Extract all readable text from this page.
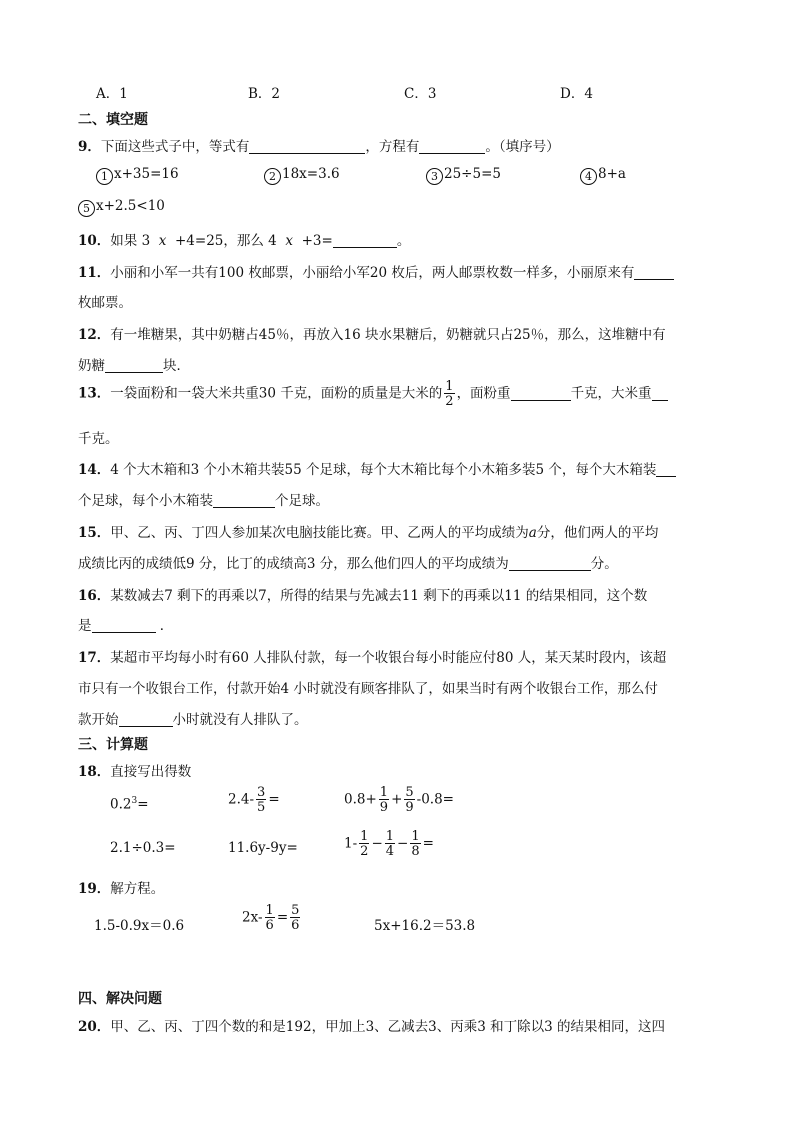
A．1	B．2	C．3	D．4
二、填空题
9．下面这些式子中，等式有	，方程有	。（填序号）
1 x+35=16	2 18x=3.6	3 25÷5=5	4 8+a
5 x+2.5<10
10．如果 3 x +4=25，那么 4 x +3=	。
11．小丽和小军一共有100 枚邮票，小丽给小军20 枚后，两人邮票枚数一样多，小丽原来有
枚邮票。
12．有一堆糖果，其中奶糖占45％，再放入16 块水果糖后，奶糖就只占25％，那么，这堆糖中有
奶糖	块．
13．一袋面粉和一袋大米共重30 千克，面粉的质量是大米的 $\frac{1}{2}$ ，面粉重	千克，大米重
千克。
14．4 个大木箱和3 个小木箱共装55 个足球，每个大木箱比每个小木箱多装5 个，每个大木箱装
个足球，每个小木箱装	个足球。
15．甲、乙、丙、丁四人参加某次电脑技能比赛。甲、乙两人的平均成绩为a分，他们两人的平均
成绩比丙的成绩低9 分，比丁的成绩高3 分，那么他们四人的平均成绩为	分。
16．某数减去7 剩下的再乘以7，所得的结果与先减去11 剩下的再乘以11 的结果相同，这个数
是	．
17．某超市平均每小时有60 人排队付款，每一个收银台每小时能应付80 人，某天某时段内，该超
市只有一个收银台工作，付款开始4 小时就没有顾客排队了，如果当时有两个收银台工作，那么付
款开始	小时就没有人排队了。
三、计算题
18．直接写出得数
$0.2^3=$	$2.4- \frac{3}{5}$ =	$0.8+ \frac{1}{9} + \frac{5}{9} -0.8=$
2.1÷0.3=	11.6y-9y=	$1- \frac{1}{2} - \frac{1}{4} - \frac{1}{8}$ =
19．解方程。
1.5-0.9x＝0.6
$2x- \frac{1}{6} = \frac{5}{6}$	5x+16.2＝53.8
四、解决问题
20．甲、乙、丙、丁四个数的和是192，甲加上3、乙减去3、丙乘3 和丁除以3 的结果相同，这四
